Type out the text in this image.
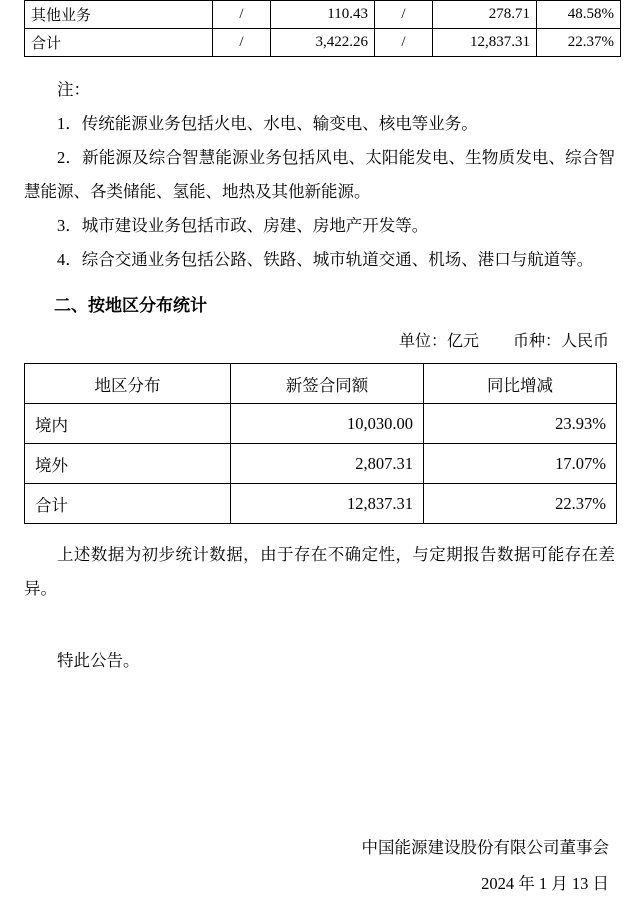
其他业务	/	110.43	/	278.71	48.58%
合计	/	3,422.26	/	12,837.31	22.37%

注：

1．传统能源业务包括火电、水电、输变电、核电等业务。

2．新能源及综合智慧能源业务包括风电、太阳能发电、生物质发电、综合智慧能源、各类储能、氢能、地热及其他新能源。

3．城市建设业务包括市政、房建、房地产开发等。

4．综合交通业务包括公路、铁路、城市轨道交通、机场、港口与航道等。

二、按地区分布统计
单位：亿元 币种：人民币
地区分布	新签合同额	同比增减
境内	10,030.00	23.93%
境外	2,807.31	17.07%
合计	12,837.31	22.37%

上述数据为初步统计数据，由于存在不确定性，与定期报告数据可能存在差异。

特此公告。

中国能源建设股份有限公司董事会
2024 年 1 月 13 日
